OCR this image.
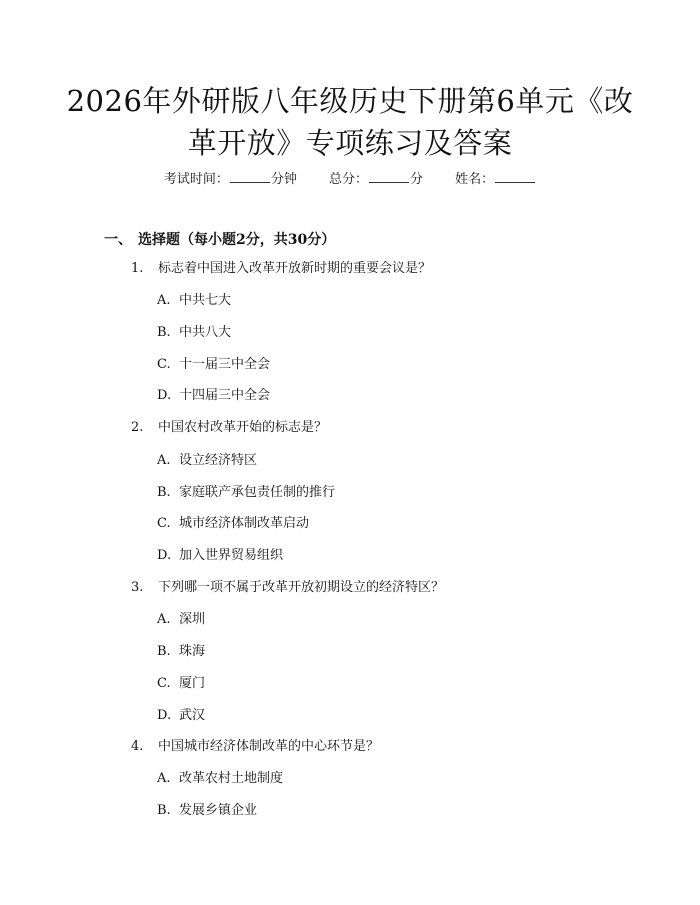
2026年外研版八年级历史下册第6单元《改
革开放》专项练习及答案
考试时间：	分钟 总分：	分 姓名：
一、 选择题（每小题2分，共30分）
1. 标志着中国进入改革开放新时期的重要会议是？
A. 中共七大
B. 中共八大
C. 十一届三中全会
D. 十四届三中全会
2. 中国农村改革开始的标志是？
A. 设立经济特区
B. 家庭联产承包责任制的推行
C. 城市经济体制改革启动
D. 加入世界贸易组织
3. 下列哪一项不属于改革开放初期设立的经济特区？
A. 深圳
B. 珠海
C. 厦门
D. 武汉
4. 中国城市经济体制改革的中心环节是？
A. 改革农村土地制度
B. 发展乡镇企业
